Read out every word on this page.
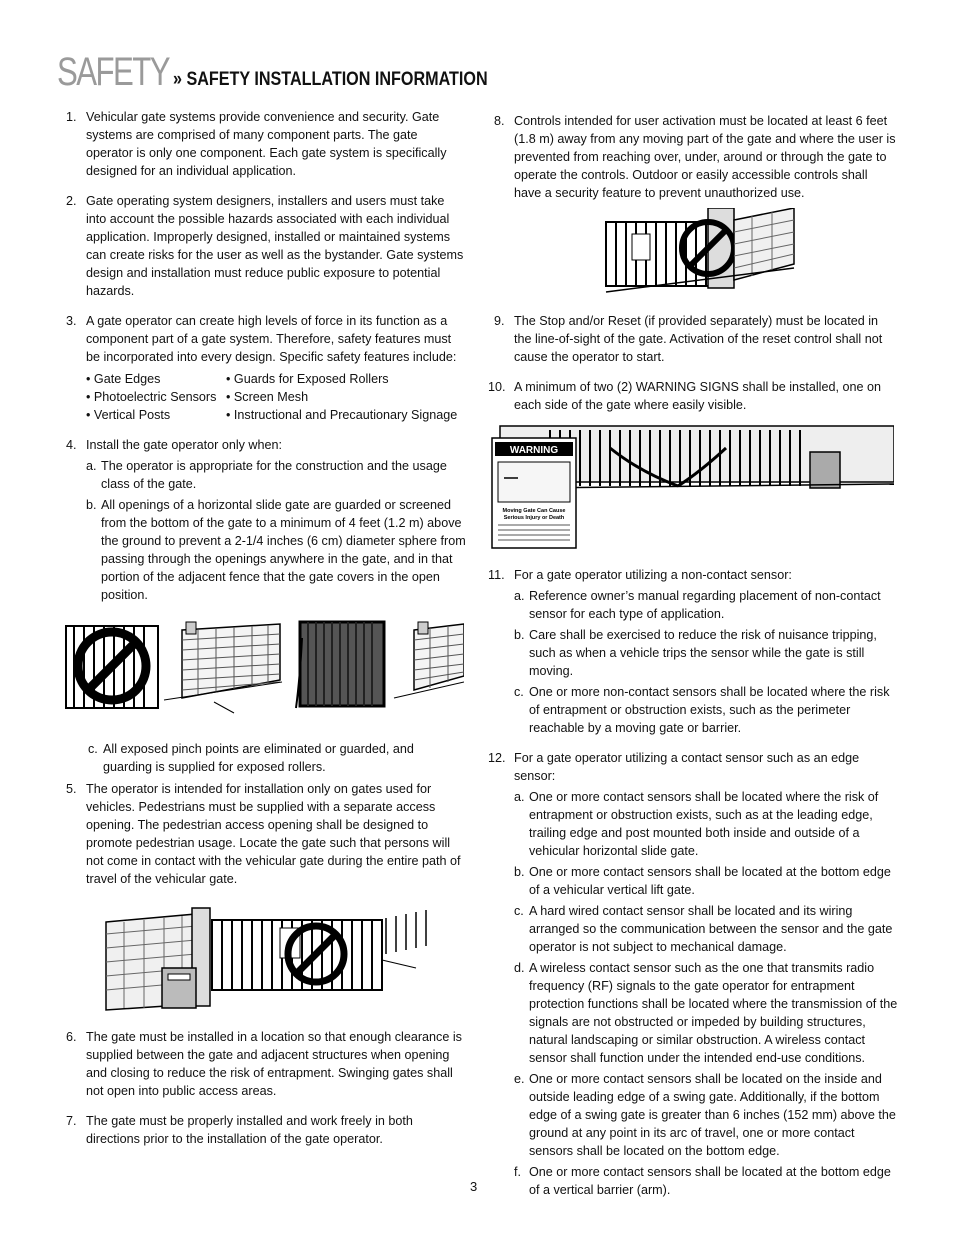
SAFETY » SAFETY INSTALLATION INFORMATION
1. Vehicular gate systems provide convenience and security. Gate systems are comprised of many component parts. The gate operator is only one component. Each gate system is specifically designed for an individual application.
2. Gate operating system designers, installers and users must take into account the possible hazards associated with each individual application. Improperly designed, installed or maintained systems can create risks for the user as well as the bystander. Gate systems design and installation must reduce public exposure to potential hazards.
3. A gate operator can create high levels of force in its function as a component part of a gate system. Therefore, safety features must be incorporated into every design. Specific safety features include:
• Gate Edges	• Guards for Exposed Rollers
• Photoelectric Sensors • Screen Mesh
• Vertical Posts	• Instructional and Precautionary Signage
4. Install the gate operator only when:
a. The operator is appropriate for the construction and the usage class of the gate.
b. All openings of a horizontal slide gate are guarded or screened from the bottom of the gate to a minimum of 4 feet (1.2 m) above the ground to prevent a 2-1/4 inches (6 cm) diameter sphere from passing through the openings anywhere in the gate, and in that portion of the adjacent fence that the gate covers in the open position.
c. All exposed pinch points are eliminated or guarded, and guarding is supplied for exposed rollers.
5. The operator is intended for installation only on gates used for vehicles. Pedestrians must be supplied with a separate access opening. The pedestrian access opening shall be designed to promote pedestrian usage. Locate the gate such that persons will not come in contact with the vehicular gate during the entire path of travel of the vehicular gate.
6. The gate must be installed in a location so that enough clearance is supplied between the gate and adjacent structures when opening and closing to reduce the risk of entrapment. Swinging gates shall not open into public access areas.
7. The gate must be properly installed and work freely in both directions prior to the installation of the gate operator.
8. Controls intended for user activation must be located at least 6 feet (1.8 m) away from any moving part of the gate and where the user is prevented from reaching over, under, around or through the gate to operate the controls. Outdoor or easily accessible controls shall have a security feature to prevent unauthorized use.
9. The Stop and/or Reset (if provided separately) must be located in the line-of-sight of the gate. Activation of the reset control shall not cause the operator to start.
10. A minimum of two (2) WARNING SIGNS shall be installed, one on each side of the gate where easily visible.
WARNING
Moving Gate Can Cause
Serious Injury or Death
11. For a gate operator utilizing a non-contact sensor:
a. Reference owner’s manual regarding placement of non-contact sensor for each type of application.
b. Care shall be exercised to reduce the risk of nuisance tripping, such as when a vehicle trips the sensor while the gate is still moving.
c. One or more non-contact sensors shall be located where the risk of entrapment or obstruction exists, such as the perimeter reachable by a moving gate or barrier.
12. For a gate operator utilizing a contact sensor such as an edge sensor:
a. One or more contact sensors shall be located where the risk of entrapment or obstruction exists, such as at the leading edge, trailing edge and post mounted both inside and outside of a vehicular horizontal slide gate.
b. One or more contact sensors shall be located at the bottom edge of a vehicular vertical lift gate.
c. A hard wired contact sensor shall be located and its wiring arranged so the communication between the sensor and the gate operator is not subject to mechanical damage.
d. A wireless contact sensor such as the one that transmits radio frequency (RF) signals to the gate operator for entrapment protection functions shall be located where the transmission of the signals are not obstructed or impeded by building structures, natural landscaping or similar obstruction. A wireless contact sensor shall function under the intended end-use conditions.
e. One or more contact sensors shall be located on the inside and outside leading edge of a swing gate. Additionally, if the bottom edge of a swing gate is greater than 6 inches (152 mm) above the ground at any point in its arc of travel, one or more contact sensors shall be located on the bottom edge.
f. One or more contact sensors shall be located at the bottom edge of a vertical barrier (arm).
3
